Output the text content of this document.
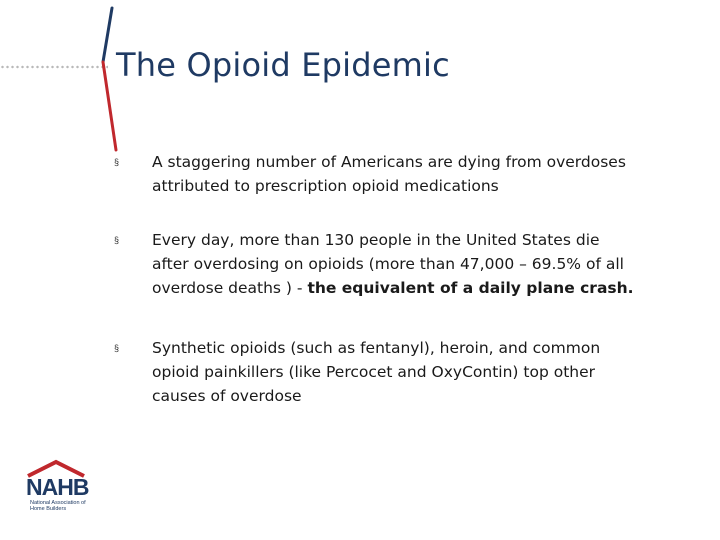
The Opioid Epidemic
§	A staggering number of Americans are dying from overdoses attributed to prescription opioid medications
§	Every day, more than 130 people in the United States die after overdosing on opioids (more than 47,000 – 69.5% of all overdose deaths ) - the equivalent of a daily plane crash.
§	Synthetic opioids (such as fentanyl), heroin, and common opioid painkillers (like Percocet and OxyContin) top other causes of overdose
NAHB
National Association of Home Builders
